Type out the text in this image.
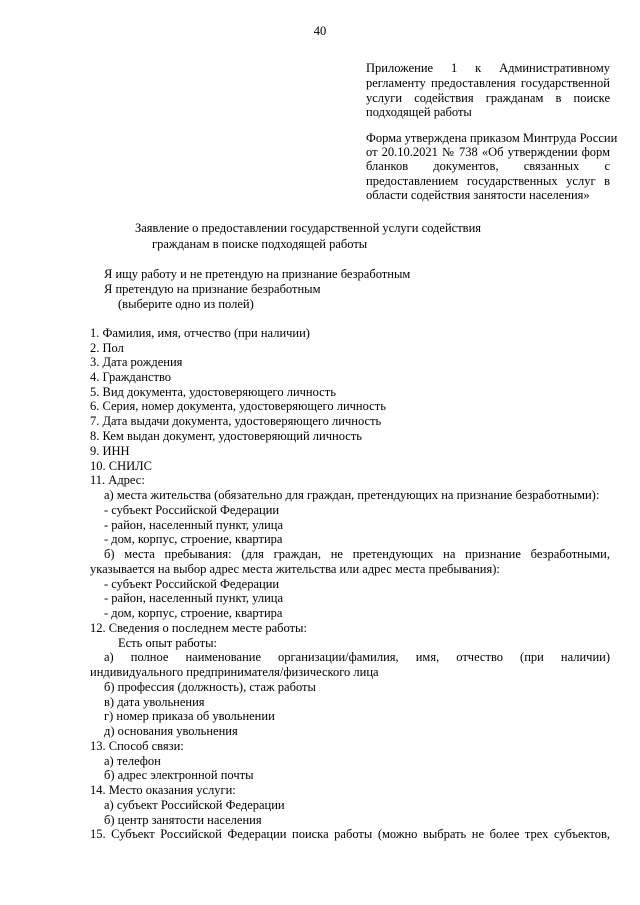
40
Приложение 1 к Административному
регламенту предоставления государственной
услуги содействия гражданам в поиске
подходящей работы
Форма утверждена приказом Минтруда России
от 20.10.2021 № 738 «Об утверждении форм
бланков документов, связанных с
предоставлением государственных услуг в
области содействия занятости населения»
Заявление о предоставлении государственной услуги содействия
гражданам в поиске подходящей работы
Я ищу работу и не претендую на признание безработным
Я претендую на признание безработным
(выберите одно из полей)
1. Фамилия, имя, отчество (при наличии)
2. Пол
3. Дата рождения
4. Гражданство
5. Вид документа, удостоверяющего личность
6. Серия, номер документа, удостоверяющего личность
7. Дата выдачи документа, удостоверяющего личность
8. Кем выдан документ, удостоверяющий личность
9. ИНН
10. СНИЛС
11. Адрес:
а) места жительства (обязательно для граждан, претендующих на признание безработными):
- субъект Российской Федерации
- район, населенный пункт, улица
- дом, корпус, строение, квартира
б) места пребывания: (для граждан, не претендующих на признание безработными,
указывается на выбор адрес места жительства или адрес места пребывания):
- субъект Российской Федерации
- район, населенный пункт, улица
- дом, корпус, строение, квартира
12. Сведения о последнем месте работы:
Есть опыт работы:
а) полное наименование организации/фамилия, имя, отчество (при наличии)
индивидуального предпринимателя/физического лица
б) профессия (должность), стаж работы
в) дата увольнения
г) номер приказа об увольнении
д) основания увольнения
13. Способ связи:
а) телефон
б) адрес электронной почты
14. Место оказания услуги:
а) субъект Российской Федерации
б) центр занятости населения
15. Субъект Российской Федерации поиска работы (можно выбрать не более трех субъектов,
